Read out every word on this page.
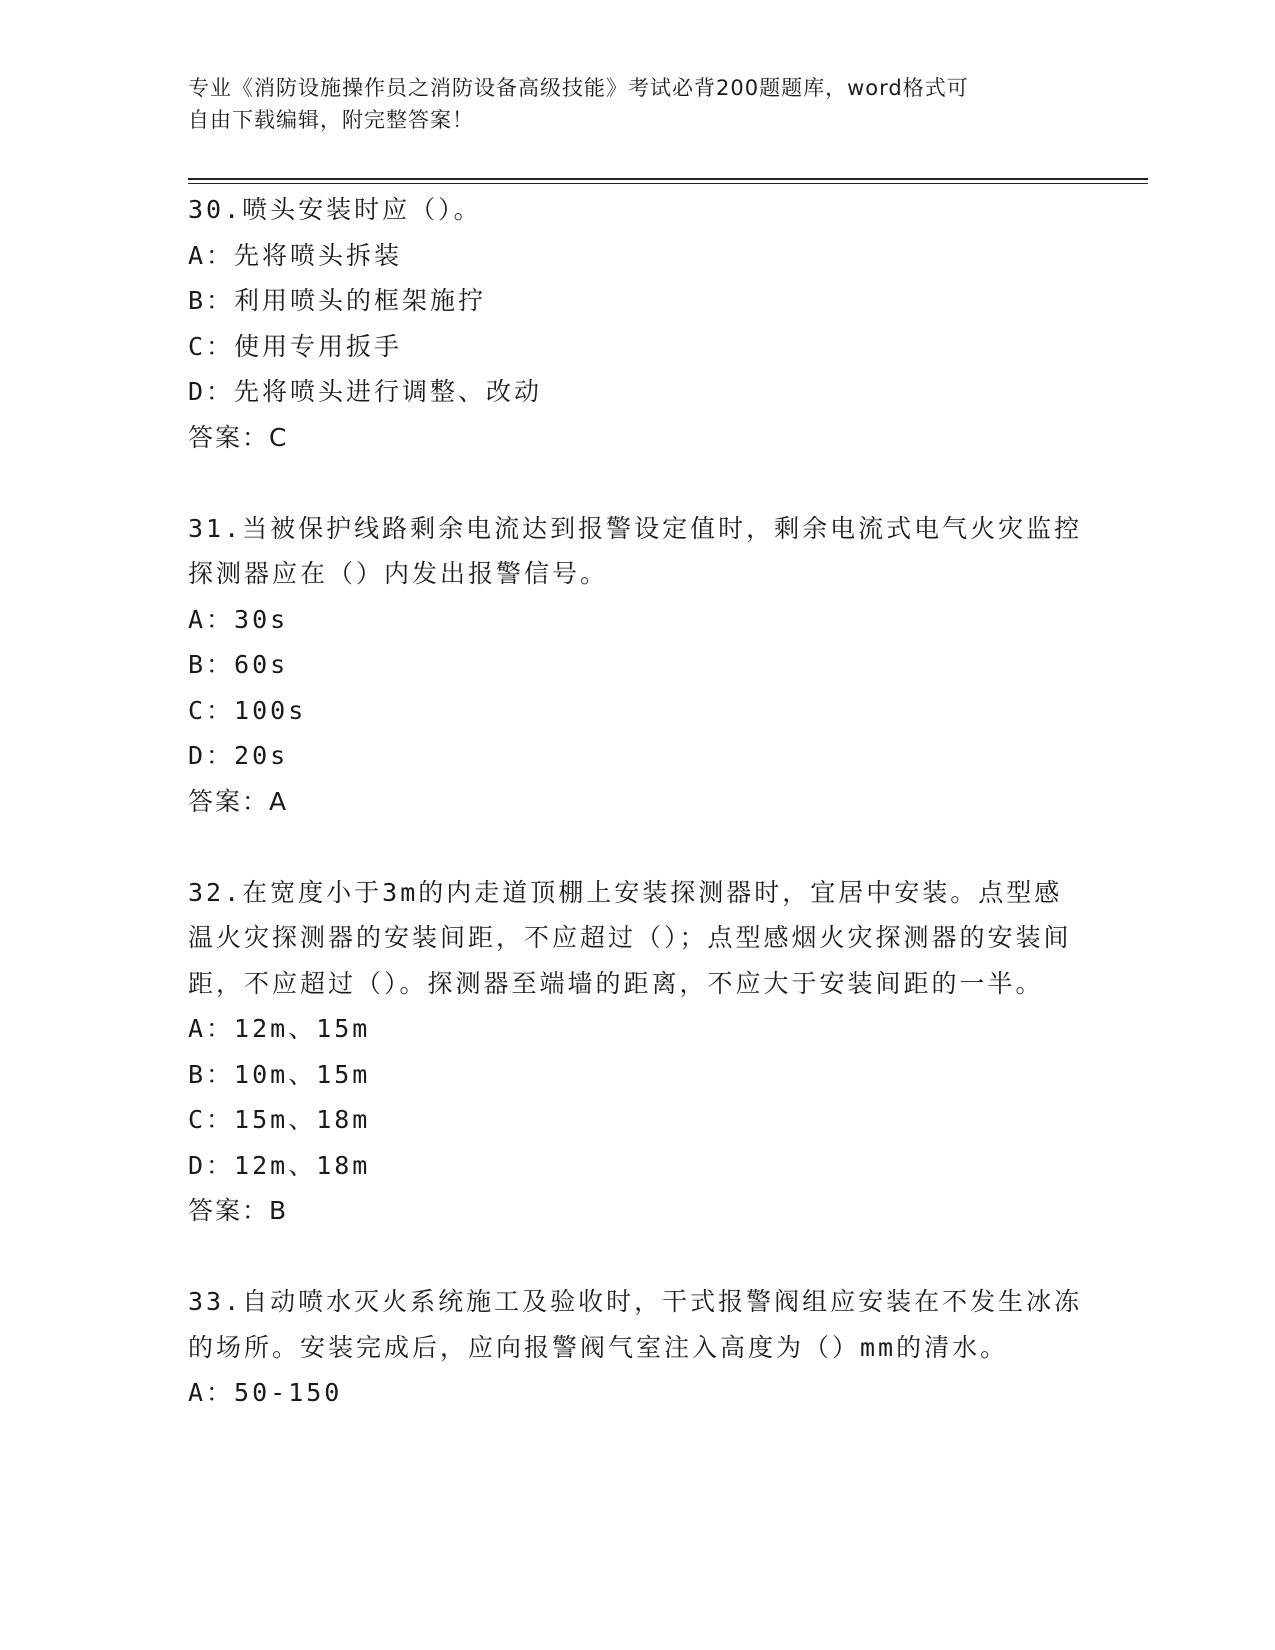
专业《消防设施操作员之消防设备高级技能》考试必背200题题库，word格式可
自由下载编辑，附完整答案！
30.喷头安装时应（）。
A：先将喷头拆装
B：利用喷头的框架施拧
C：使用专用扳手
D：先将喷头进行调整、改动
答案：C
31.当被保护线路剩余电流达到报警设定值时，剩余电流式电气火灾监控探测器应在（）内发出报警信号。
A：30s
B：60s
C：100s
D：20s
答案：A
32.在宽度小于3m的内走道顶棚上安装探测器时，宜居中安装。点型感温火灾探测器的安装间距，不应超过（）；点型感烟火灾探测器的安装间距，不应超过（）。探测器至端墙的距离，不应大于安装间距的一半。
A：12m、15m
B：10m、15m
C：15m、18m
D：12m、18m
答案：B
33.自动喷水灭火系统施工及验收时，干式报警阀组应安装在不发生冰冻的场所。安装完成后，应向报警阀气室注入高度为（）mm的清水。
A：50-150
